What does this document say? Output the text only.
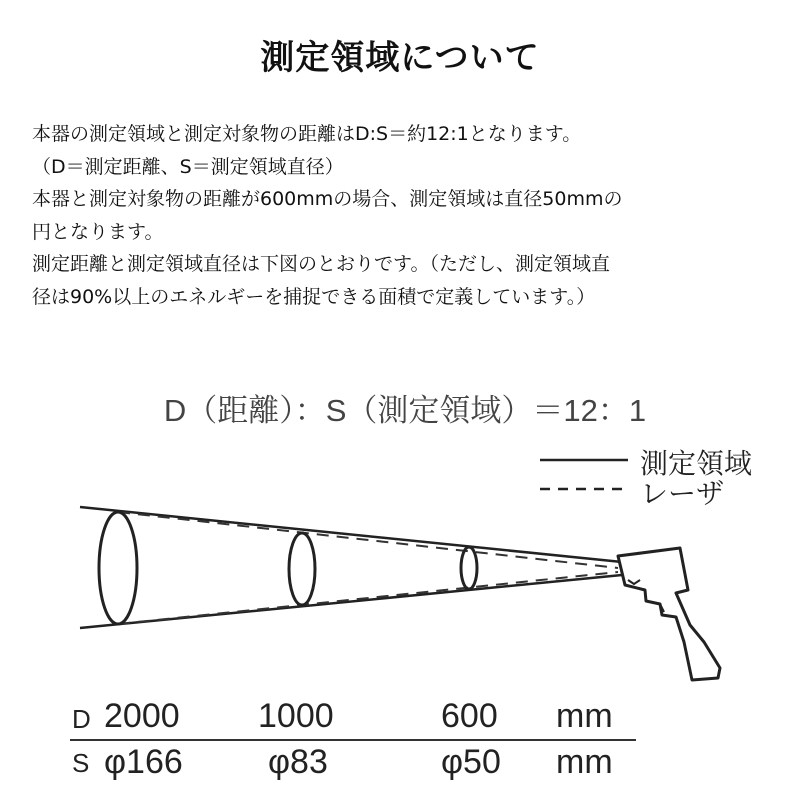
測定領域について
本器の測定領域と測定対象物の距離はD:S＝約12:1となります。
（D＝測定距離、S＝測定領域直径）
本器と測定対象物の距離が600mmの場合、測定領域は直径50mmの
円となります。
測定距離と測定領域直径は下図のとおりです。（ただし、測定領域直
径は90%以上のエネルギーを捕捉できる面積で定義しています。）
D（距離）：S（測定領域）＝12：1
測定領域
レーザ
D 2000 1000	600 mm
S φ166	φ83	φ50 mm
